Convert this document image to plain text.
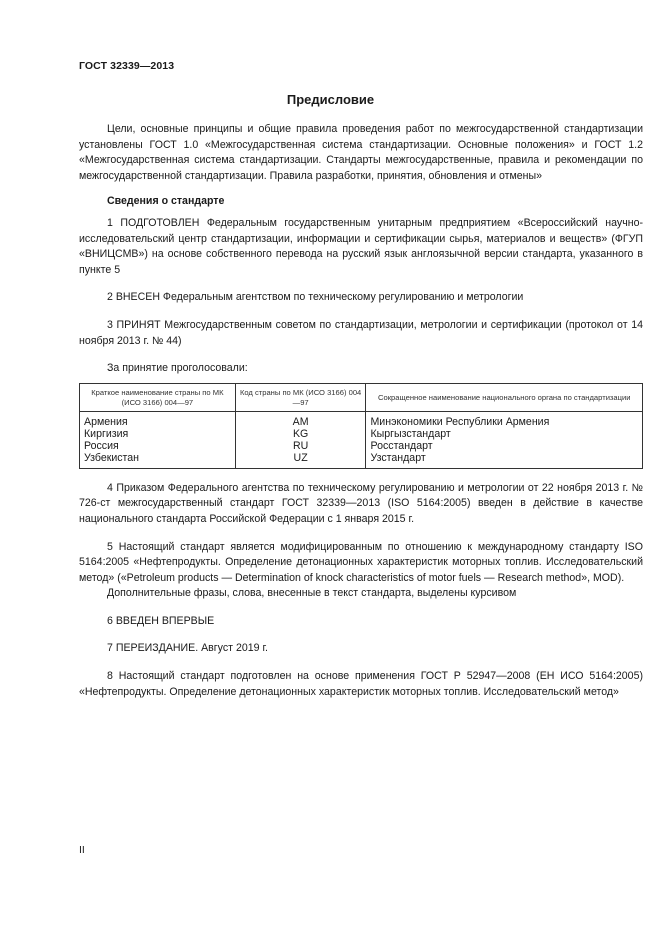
ГОСТ 32339—2013
Предисловие

Цели, основные принципы и общие правила проведения работ по межгосударственной стандартизации установлены ГОСТ 1.0 «Межгосударственная система стандартизации. Основные положения» и ГОСТ 1.2 «Межгосударственная система стандартизации. Стандарты межгосударственные, правила и рекомендации по межгосударственной стандартизации. Правила разработки, принятия, обновления и отмены»

Сведения о стандарте

1 ПОДГОТОВЛЕН Федеральным государственным унитарным предприятием «Всероссийский научно-исследовательский центр стандартизации, информации и сертификации сырья, материалов и веществ» (ФГУП «ВНИЦСМВ») на основе собственного перевода на русский язык англоязычной версии стандарта, указанного в пункте 5

2 ВНЕСЕН Федеральным агентством по техническому регулированию и метрологии

3 ПРИНЯТ Межгосударственным советом по стандартизации, метрологии и сертификации (протокол от 14 ноября 2013 г. № 44)

За принятие проголосовали:
Краткое наименование страны по МК (ИСО 3166) 004—97	Код страны по МК (ИСО 3166) 004—97	Сокращенное наименование национального органа по стандартизации
Армения	AM	Минэкономики Республики Армения
Киргизия	KG	Кыргызстандарт
Россия	RU	Росстандарт
Узбекистан	UZ	Узстандарт

4 Приказом Федерального агентства по техническому регулированию и метрологии от 22 ноября 2013 г. № 726-ст межгосударственный стандарт ГОСТ 32339—2013 (ISO 5164:2005) введен в действие в качестве национального стандарта Российской Федерации с 1 января 2015 г.

5 Настоящий стандарт является модифицированным по отношению к международному стандарту ISO 5164:2005 «Нефтепродукты. Определение детонационных характеристик моторных топлив. Исследовательский метод» («Petroleum products — Determination of knock characteristics of motor fuels — Research method», MOD).

Дополнительные фразы, слова, внесенные в текст стандарта, выделены курсивом

6 ВВЕДЕН ВПЕРВЫЕ

7 ПЕРЕИЗДАНИЕ. Август 2019 г.

8 Настоящий стандарт подготовлен на основе применения ГОСТ Р 52947—2008 (ЕН ИСО 5164:2005) «Нефтепродукты. Определение детонационных характеристик моторных топлив. Исследовательский метод»

II
